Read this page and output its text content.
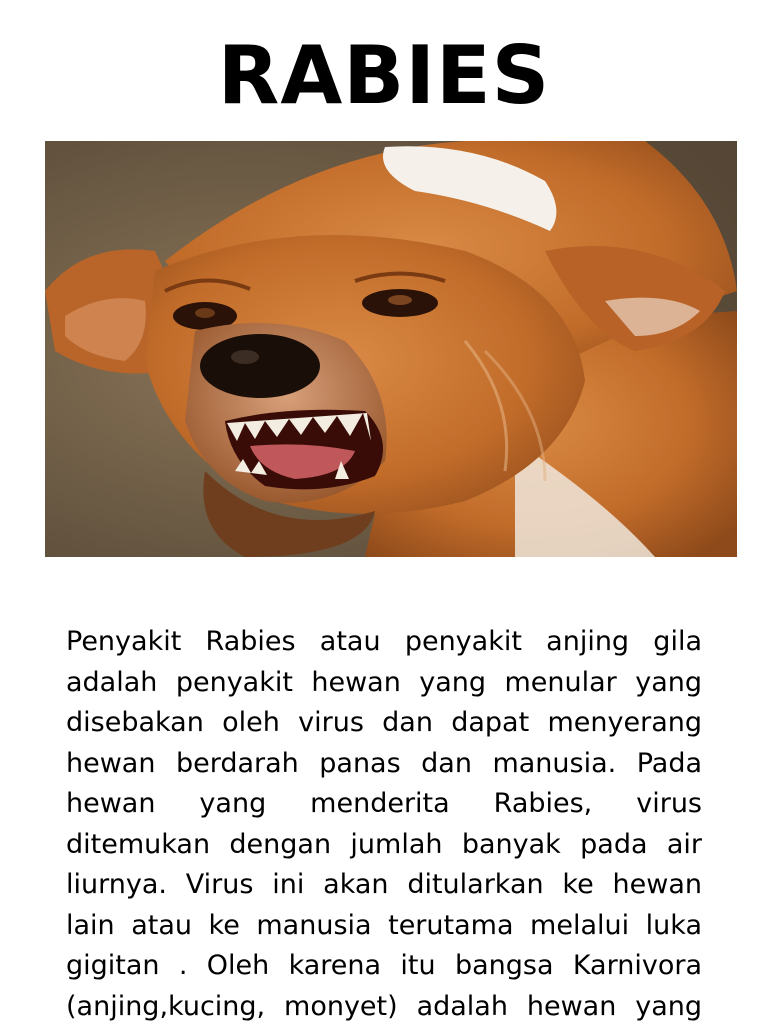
RABIES

Penyakit Rabies atau penyakit anjing gila
adalah penyakit hewan yang menular yang
disebakan oleh virus dan dapat menyerang
hewan berdarah panas dan manusia. Pada
hewan yang menderita Rabies, virus
ditemukan dengan jumlah banyak pada air
liurnya. Virus ini akan ditularkan ke hewan
lain atau ke manusia terutama melalui luka
gigitan . Oleh karena itu bangsa Karnivora
(anjing,kucing, monyet) adalah hewan yang
